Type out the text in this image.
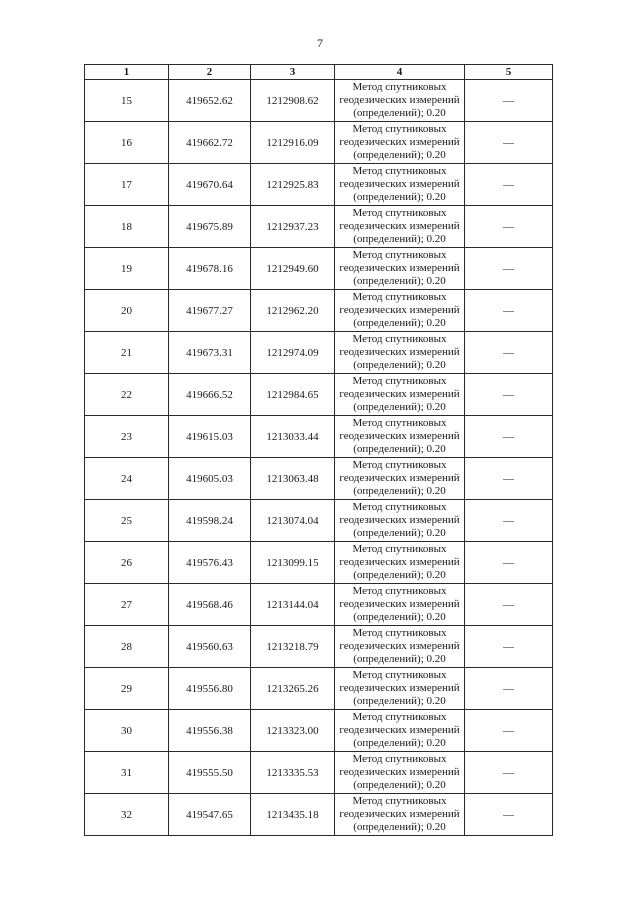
7
1	2	3	4	5
15	419652.62	1212908.62	Метод спутниковых
геодезических измерений
(определений); 0.20	—
16	419662.72	1212916.09	Метод спутниковых
геодезических измерений
(определений); 0.20	—
17	419670.64	1212925.83	Метод спутниковых
геодезических измерений
(определений); 0.20	—
18	419675.89	1212937.23	Метод спутниковых
геодезических измерений
(определений); 0.20	—
19	419678.16	1212949.60	Метод спутниковых
геодезических измерений
(определений); 0.20	—
20	419677.27	1212962.20	Метод спутниковых
геодезических измерений
(определений); 0.20	—
21	419673.31	1212974.09	Метод спутниковых
геодезических измерений
(определений); 0.20	—
22	419666.52	1212984.65	Метод спутниковых
геодезических измерений
(определений); 0.20	—
23	419615.03	1213033.44	Метод спутниковых
геодезических измерений
(определений); 0.20	—
24	419605.03	1213063.48	Метод спутниковых
геодезических измерений
(определений); 0.20	—
25	419598.24	1213074.04	Метод спутниковых
геодезических измерений
(определений); 0.20	—
26	419576.43	1213099.15	Метод спутниковых
геодезических измерений
(определений); 0.20	—
27	419568.46	1213144.04	Метод спутниковых
геодезических измерений
(определений); 0.20	—
28	419560.63	1213218.79	Метод спутниковых
геодезических измерений
(определений); 0.20	—
29	419556.80	1213265.26	Метод спутниковых
геодезических измерений
(определений); 0.20	—
30	419556.38	1213323.00	Метод спутниковых
геодезических измерений
(определений); 0.20	—
31	419555.50	1213335.53	Метод спутниковых
геодезических измерений
(определений); 0.20	—
32	419547.65	1213435.18	Метод спутниковых
геодезических измерений
(определений); 0.20	—
